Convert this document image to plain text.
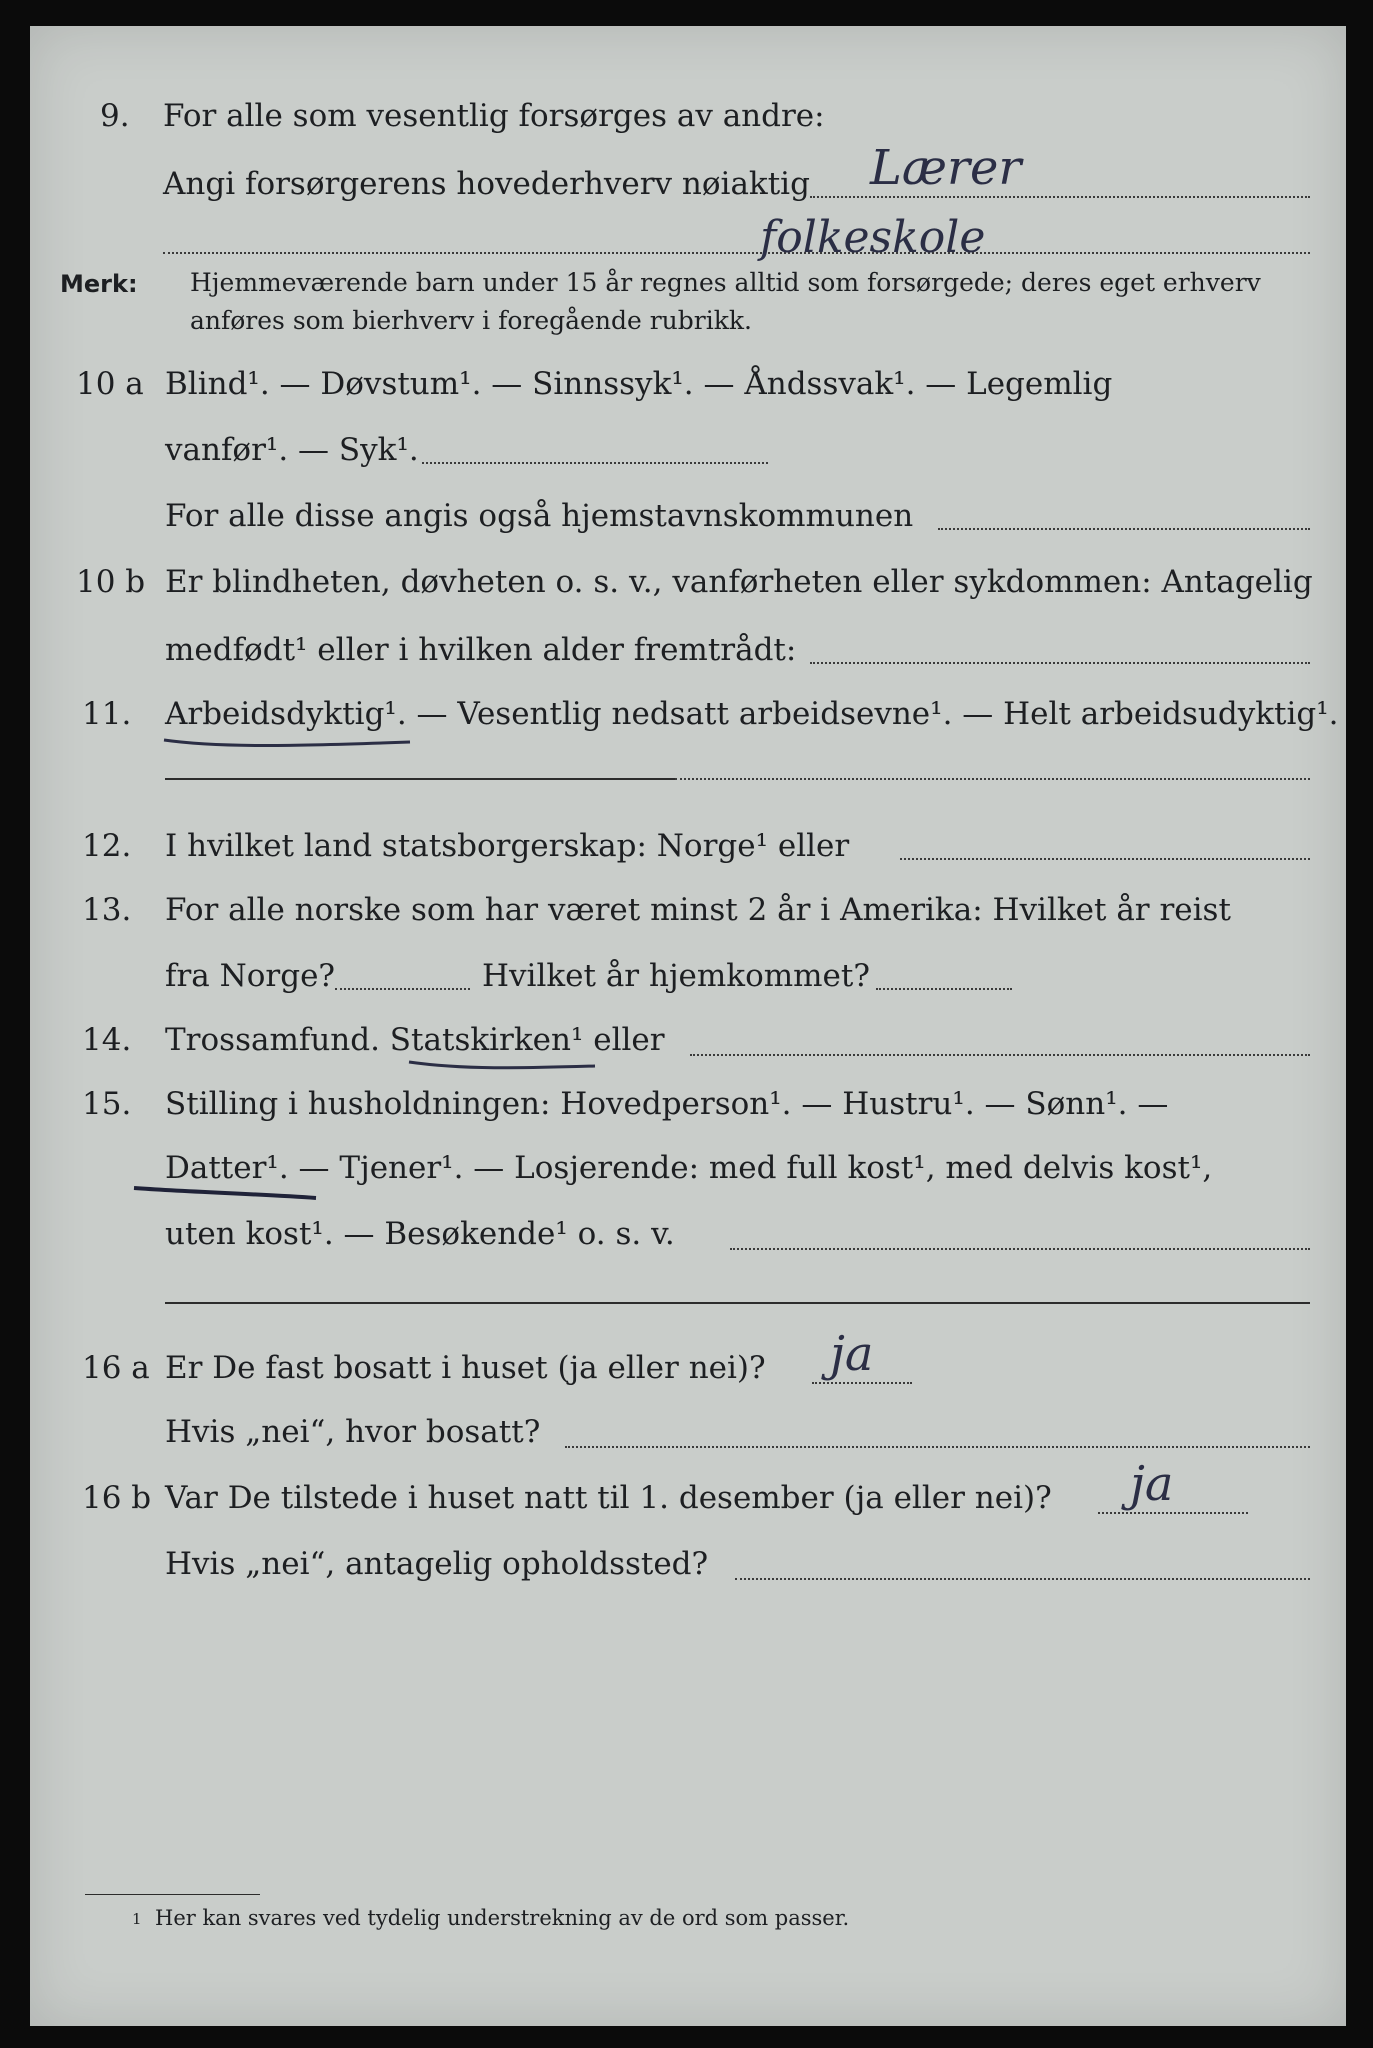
9. For alle som vesentlig forsørges av andre:
Angi forsørgerens hovederhverv nøiaktig Lærer
folkeskole
Merk: Hjemmeværende barn under 15 år regnes alltid som forsørgede; deres eget erhverv
anføres som bierhverv i foregående rubrikk.
10 a Blind¹. — Døvstum¹. — Sinnssyk¹. — Åndssvak¹. — Legemlig
vanfør¹. — Syk¹.
For alle disse angis også hjemstavnskommunen
10 b Er blindheten, døvheten o. s. v., vanførheten eller sykdommen: Antagelig
medfødt¹ eller i hvilken alder fremtrådt:
11. Arbeidsdyktig¹. — Vesentlig nedsatt arbeidsevne¹. — Helt arbeidsudyktig¹.
12. I hvilket land statsborgerskap: Norge¹ eller
13. For alle norske som har været minst 2 år i Amerika: Hvilket år reist
fra Norge?	Hvilket år hjemkommet?
14. Trossamfund. Statskirken¹ eller
15. Stilling i husholdningen: Hovedperson¹. — Hustru¹. — Sønn¹. —
Datter¹. — Tjener¹. — Losjerende: med full kost¹, med delvis kost¹,
uten kost¹. — Besøkende¹ o. s. v.
16 a Er De fast bosatt i huset (ja eller nei)? ja
Hvis „nei“, hvor bosatt?
16 b Var De tilstede i huset natt til 1. desember (ja eller nei)? ja
Hvis „nei“, antagelig opholdssted?
1 Her kan svares ved tydelig understrekning av de ord som passer.
